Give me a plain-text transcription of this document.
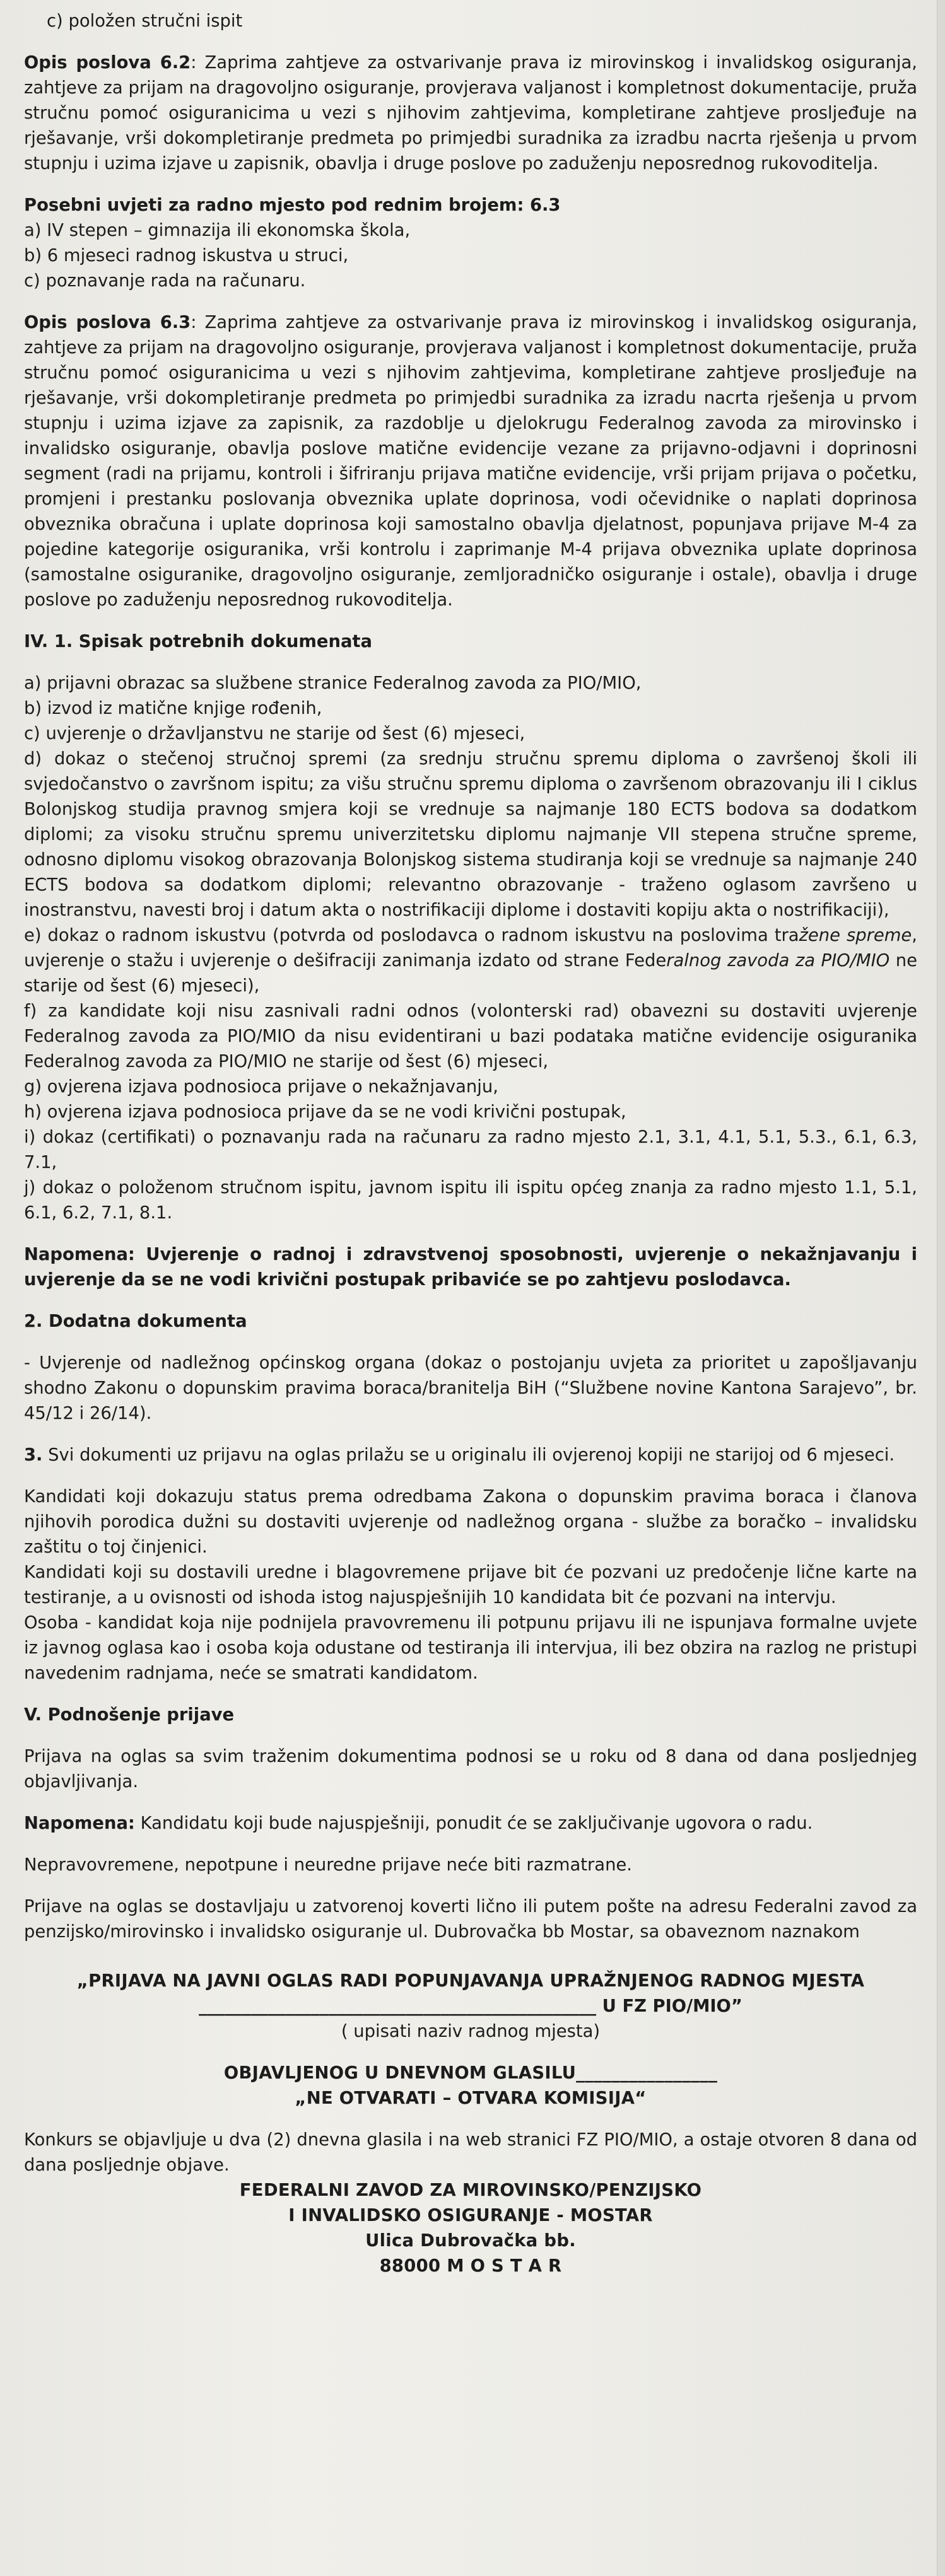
c) položen stručni ispit

Opis poslova 6.2: Zaprima zahtjeve za ostvarivanje prava iz mirovinskog i invalidskog osiguranja, zahtjeve za prijam na dragovoljno osiguranje, provjerava valjanost i kompletnost dokumentacije, pruža stručnu pomoć osiguranicima u vezi s njihovim zahtjevima, kompletirane zahtjeve prosljeđuje na rješavanje, vrši dokompletiranje predmeta po primjedbi suradnika za izradbu nacrta rješenja u prvom stupnju i uzima izjave u zapisnik, obavlja i druge poslove po zaduženju neposrednog rukovoditelja.

Posebni uvjeti za radno mjesto pod rednim brojem: 6.3

a) IV stepen – gimnazija ili ekonomska škola,

b) 6 mjeseci radnog iskustva u struci,

c) poznavanje rada na računaru.

Opis poslova 6.3: Zaprima zahtjeve za ostvarivanje prava iz mirovinskog i invalidskog osiguranja, zahtjeve za prijam na dragovoljno osiguranje, provjerava valjanost i kompletnost dokumentacije, pruža stručnu pomoć osiguranicima u vezi s njihovim zahtjevima, kompletirane zahtjeve prosljeđuje na rješavanje, vrši dokompletiranje predmeta po primjedbi suradnika za izradu nacrta rješenja u prvom stupnju i uzima izjave za zapisnik, za razdoblje u djelokrugu Federalnog zavoda za mirovinsko i invalidsko osiguranje, obavlja poslove matične evidencije vezane za prijavno-odjavni i doprinosni segment (radi na prijamu, kontroli i šifriranju prijava matične evidencije, vrši prijam prijava o početku, promjeni i prestanku poslovanja obveznika uplate doprinosa, vodi očevidnike o naplati doprinosa obveznika obračuna i uplate doprinosa koji samostalno obavlja djelatnost, popunjava prijave M-4 za pojedine kategorije osiguranika, vrši kontrolu i zaprimanje M-4 prijava obveznika uplate doprinosa (samostalne osiguranike, dragovoljno osiguranje, zemljoradničko osiguranje i ostale), obavlja i druge poslove po zaduženju neposrednog rukovoditelja.

IV. 1. Spisak potrebnih dokumenata

a) prijavni obrazac sa službene stranice Federalnog zavoda za PIO/MIO,

b) izvod iz matične knjige rođenih,

c) uvjerenje o državljanstvu ne starije od šest (6) mjeseci,

d) dokaz o stečenoj stručnoj spremi (za srednju stručnu spremu diploma o završenoj školi ili svjedočanstvo o završnom ispitu; za višu stručnu spremu diploma o završenom obrazovanju ili I ciklus Bolonjskog studija pravnog smjera koji se vrednuje sa najmanje 180 ECTS bodova sa dodatkom diplomi; za visoku stručnu spremu univerzitetsku diplomu najmanje VII stepena stručne spreme, odnosno diplomu visokog obrazovanja Bolonjskog sistema studiranja koji se vrednuje sa najmanje 240 ECTS bodova sa dodatkom diplomi; relevantno obrazovanje - traženo oglasom završeno u inostranstvu, navesti broj i datum akta o nostrifikaciji diplome i dostaviti kopiju akta o nostrifikaciji),

e) dokaz o radnom iskustvu (potvrda od poslodavca o radnom iskustvu na poslovima tražene spreme, uvjerenje o stažu i uvjerenje o dešifraciji zanimanja izdato od strane Federalnog zavoda za PIO/MIO ne starije od šest (6) mjeseci),

f) za kandidate koji nisu zasnivali radni odnos (volonterski rad) obavezni su dostaviti uvjerenje Federalnog zavoda za PIO/MIO da nisu evidentirani u bazi podataka matične evidencije osiguranika Federalnog zavoda za PIO/MIO ne starije od šest (6) mjeseci,

g) ovjerena izjava podnosioca prijave o nekažnjavanju,

h) ovjerena izjava podnosioca prijave da se ne vodi krivični postupak,

i) dokaz (certifikati) o poznavanju rada na računaru za radno mjesto 2.1, 3.1, 4.1, 5.1, 5.3., 6.1, 6.3, 7.1,

j) dokaz o položenom stručnom ispitu, javnom ispitu ili ispitu općeg znanja za radno mjesto 1.1, 5.1, 6.1, 6.2, 7.1, 8.1.

Napomena: Uvjerenje o radnoj i zdravstvenoj sposobnosti, uvjerenje o nekažnjavanju i uvjerenje da se ne vodi krivični postupak pribaviće se po zahtjevu poslodavca.

2. Dodatna dokumenta

- Uvjerenje od nadležnog općinskog organa (dokaz o postojanju uvjeta za prioritet u zapošljavanju shodno Zakonu o dopunskim pravima boraca/branitelja BiH (“Službene novine Kantona Sarajevo”, br. 45/12 i 26/14).

3. Svi dokumenti uz prijavu na oglas prilažu se u originalu ili ovjerenoj kopiji ne starijoj od 6 mjeseci.

Kandidati koji dokazuju status prema odredbama Zakona o dopunskim pravima boraca i članova njihovih porodica dužni su dostaviti uvjerenje od nadležnog organa - službe za boračko – invalidsku zaštitu o toj činjenici.

Kandidati koji su dostavili uredne i blagovremene prijave bit će pozvani uz predočenje lične karte na testiranje, a u ovisnosti od ishoda istog najuspješnijih 10 kandidata bit će pozvani na intervju.

Osoba - kandidat koja nije podnijela pravovremenu ili potpunu prijavu ili ne ispunjava formalne uvjete iz javnog oglasa kao i osoba koja odustane od testiranja ili intervjua, ili bez obzira na razlog ne pristupi navedenim radnjama, neće se smatrati kandidatom.

V. Podnošenje prijave

Prijava na oglas sa svim traženim dokumentima podnosi se u roku od 8 dana od dana posljednjeg objavljivanja.

Napomena: Kandidatu koji bude najuspješniji, ponudit će se zaključivanje ugovora o radu.

Nepravovremene, nepotpune i neuredne prijave neće biti razmatrane.

Prijave na oglas se dostavljaju u zatvorenoj koverti lično ili putem pošte na adresu Federalni zavod za penzijsko/mirovinsko i invalidsko osiguranje ul. Dubrovačka bb Mostar, sa obaveznom naznakom

„PRIJAVA NA JAVNI OGLAS RADI POPUNJAVANJA UPRAŽNJENOG RADNOG MJESTA

______________________________________________ U FZ PIO/MIO”

( upisati naziv radnog mjesta)

OBJAVLJENOG U DNEVNOM GLASILU________________

„NE OTVARATI – OTVARA KOMISIJA“

Konkurs se objavljuje u dva (2) dnevna glasila i na web stranici FZ PIO/MIO, a ostaje otvoren 8 dana od dana posljednje objave.

FEDERALNI ZAVOD ZA MIROVINSKO/PENZIJSKO

I INVALIDSKO OSIGURANJE - MOSTAR

Ulica Dubrovačka bb.

88000 M O S T A R
